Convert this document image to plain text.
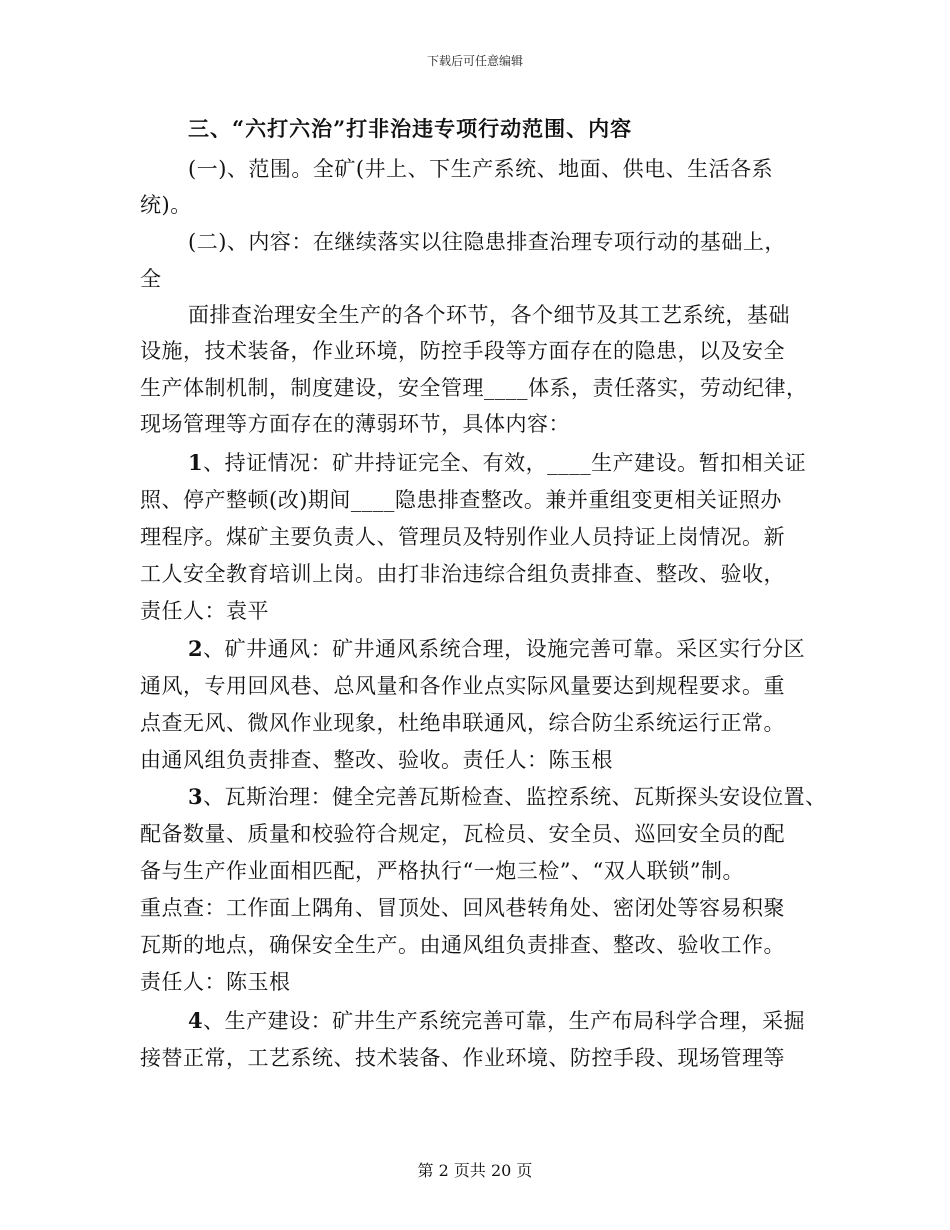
下载后可任意编辑
三、“六打六治”打非治违专项行动范围、内容
(一)、范围。全矿(井上、下生产系统、地面、供电、生活各系
统)。
(二)、内容：在继续落实以往隐患排查治理专项行动的基础上，
全
面排查治理安全生产的各个环节，各个细节及其工艺系统，基础
设施，技术装备，作业环境，防控手段等方面存在的隐患，以及安全
生产体制机制，制度建设，安全管理____体系，责任落实，劳动纪律，
现场管理等方面存在的薄弱环节，具体内容：
1、持证情况：矿井持证完全、有效，____生产建设。暂扣相关证
照、停产整顿(改)期间____隐患排查整改。兼并重组变更相关证照办
理程序。煤矿主要负责人、管理员及特别作业人员持证上岗情况。新
工人安全教育培训上岗。由打非治违综合组负责排查、整改、验收，
责任人：袁平
2、矿井通风：矿井通风系统合理，设施完善可靠。采区实行分区
通风，专用回风巷、总风量和各作业点实际风量要达到规程要求。重
点查无风、微风作业现象，杜绝串联通风，综合防尘系统运行正常。
由通风组负责排查、整改、验收。责任人：陈玉根
3、瓦斯治理：健全完善瓦斯检查、监控系统、瓦斯探头安设位置、
配备数量、质量和校验符合规定，瓦检员、安全员、巡回安全员的配
备与生产作业面相匹配，严格执行“一炮三检”、“双人联锁”制。
重点查：工作面上隅角、冒顶处、回风巷转角处、密闭处等容易积聚
瓦斯的地点，确保安全生产。由通风组负责排查、整改、验收工作。
责任人：陈玉根
4、生产建设：矿井生产系统完善可靠，生产布局科学合理，采掘
接替正常，工艺系统、技术装备、作业环境、防控手段、现场管理等
第 2 页共 20 页
